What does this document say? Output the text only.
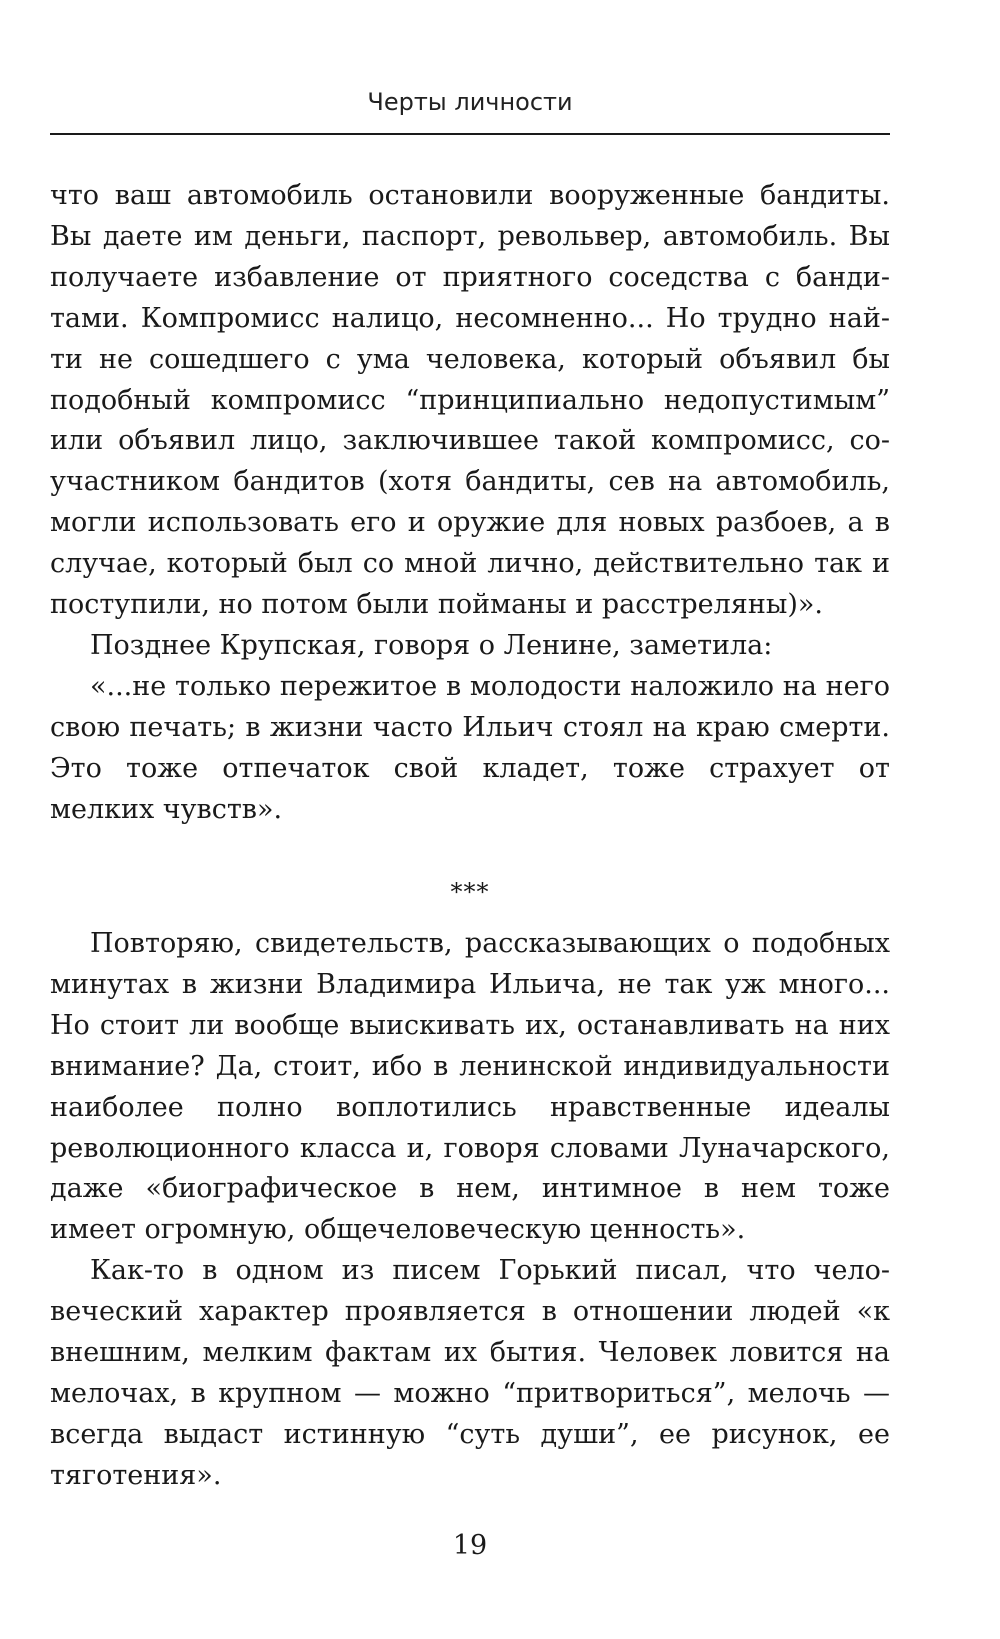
Черты личности

что ваш автомобиль остановили вооруженные бандиты. Вы даете им деньги, паспорт, револьвер, автомобиль. Вы получаете избавление от приятного соседства с бандитами. Компромисс налицо, несомненно... Но трудно найти не сошедшего с ума человека, который объявил бы подобный компромисс “принципиально недопустимым” или объявил лицо, заключившее такой компромисс, соучастником бандитов (хотя бандиты, сев на автомобиль, могли использовать его и оружие для новых разбоев, а в случае, который был со мной лично, действительно так и поступили, но потом были пойманы и расстреляны)».

Позднее Крупская, говоря о Ленине, заметила:

«...не только пережитое в молодости наложило на него свою печать; в жизни часто Ильич стоял на краю смерти. Это тоже отпечаток свой кладет, тоже страхует от мелких чувств».

***

Повторяю, свидетельств, рассказывающих о подобных минутах в жизни Владимира Ильича, не так уж много... Но стоит ли вообще выискивать их, останавливать на них внимание? Да, стоит, ибо в ленинской индивидуальности наиболее полно воплотились нравственные идеалы революционного класса и, говоря словами Луначарского, даже «биографическое в нем, интимное в нем тоже имеет огромную, общечеловеческую ценность».

Как-то в одном из писем Горький писал, что человеческий характер проявляется в отношении людей «к внешним, мелким фактам их бытия. Человек ловится на мелочах, в крупном — можно “притвориться”, мелочь — всегда выдаст истинную “суть души”, ее рисунок, ее тяготения».

19
